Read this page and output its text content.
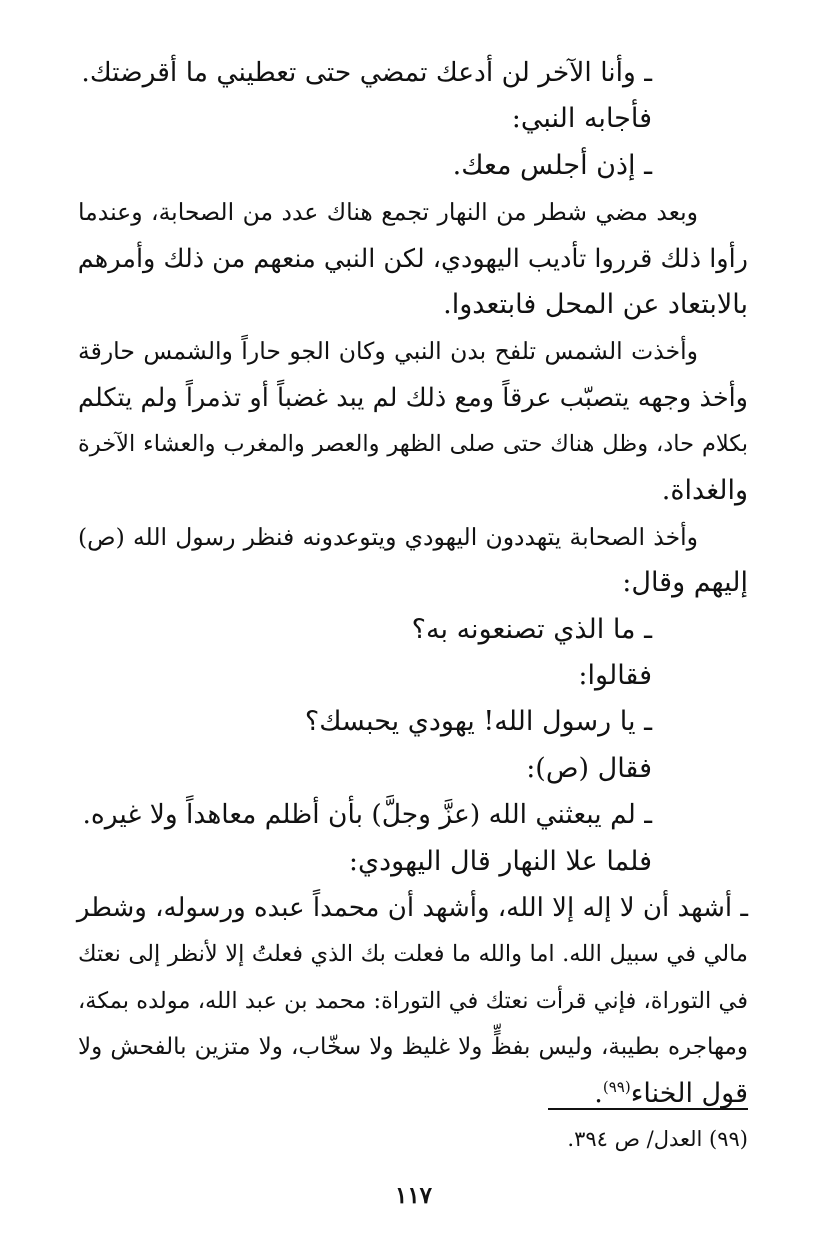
ـ وأنا الآخر لن أدعك تمضي حتى تعطيني ما أقرضتك.
فأجابه النبي:
ـ إذن أجلس معك.
وبعد مضي شطر من النهار تجمع هناك عدد من الصحابة، وعندما
رأوا ذلك قرروا تأديب اليهودي، لكن النبي منعهم من ذلك وأمرهم
بالابتعاد عن المحل فابتعدوا.
وأخذت الشمس تلفح بدن النبي وكان الجو حاراً والشمس حارقة
وأخذ وجهه يتصبّب عرقاً ومع ذلك لم يبد غضباً أو تذمراً ولم يتكلم
بكلام حاد، وظل هناك حتى صلى الظهر والعصر والمغرب والعشاء الآخرة
والغداة.
وأخذ الصحابة يتهددون اليهودي ويتوعدونه فنظر رسول الله (ص)
إليهم وقال:
ـ ما الذي تصنعونه به؟
فقالوا:
ـ يا رسول الله! يهودي يحبسك؟
فقال (ص):
ـ لم يبعثني الله (عزَّ وجلَّ) بأن أظلم معاهداً ولا غيره.
فلما علا النهار قال اليهودي:
ـ أشهد أن لا إله إلا الله، وأشهد أن محمداً عبده ورسوله، وشطر
مالي في سبيل الله. اما والله ما فعلت بك الذي فعلتُ إلا لأنظر إلى نعتك
في التوراة، فإني قرأت نعتك في التوراة: محمد بن عبد الله، مولده بمكة،
ومهاجره بطيبة، وليس بفظٍّ ولا غليظ ولا سخّاب، ولا متزين بالفحش ولا
قول الخناء$^{(٩٩)}$.
(٩٩) العدل/ ص ٣٩٤.
١١٧
